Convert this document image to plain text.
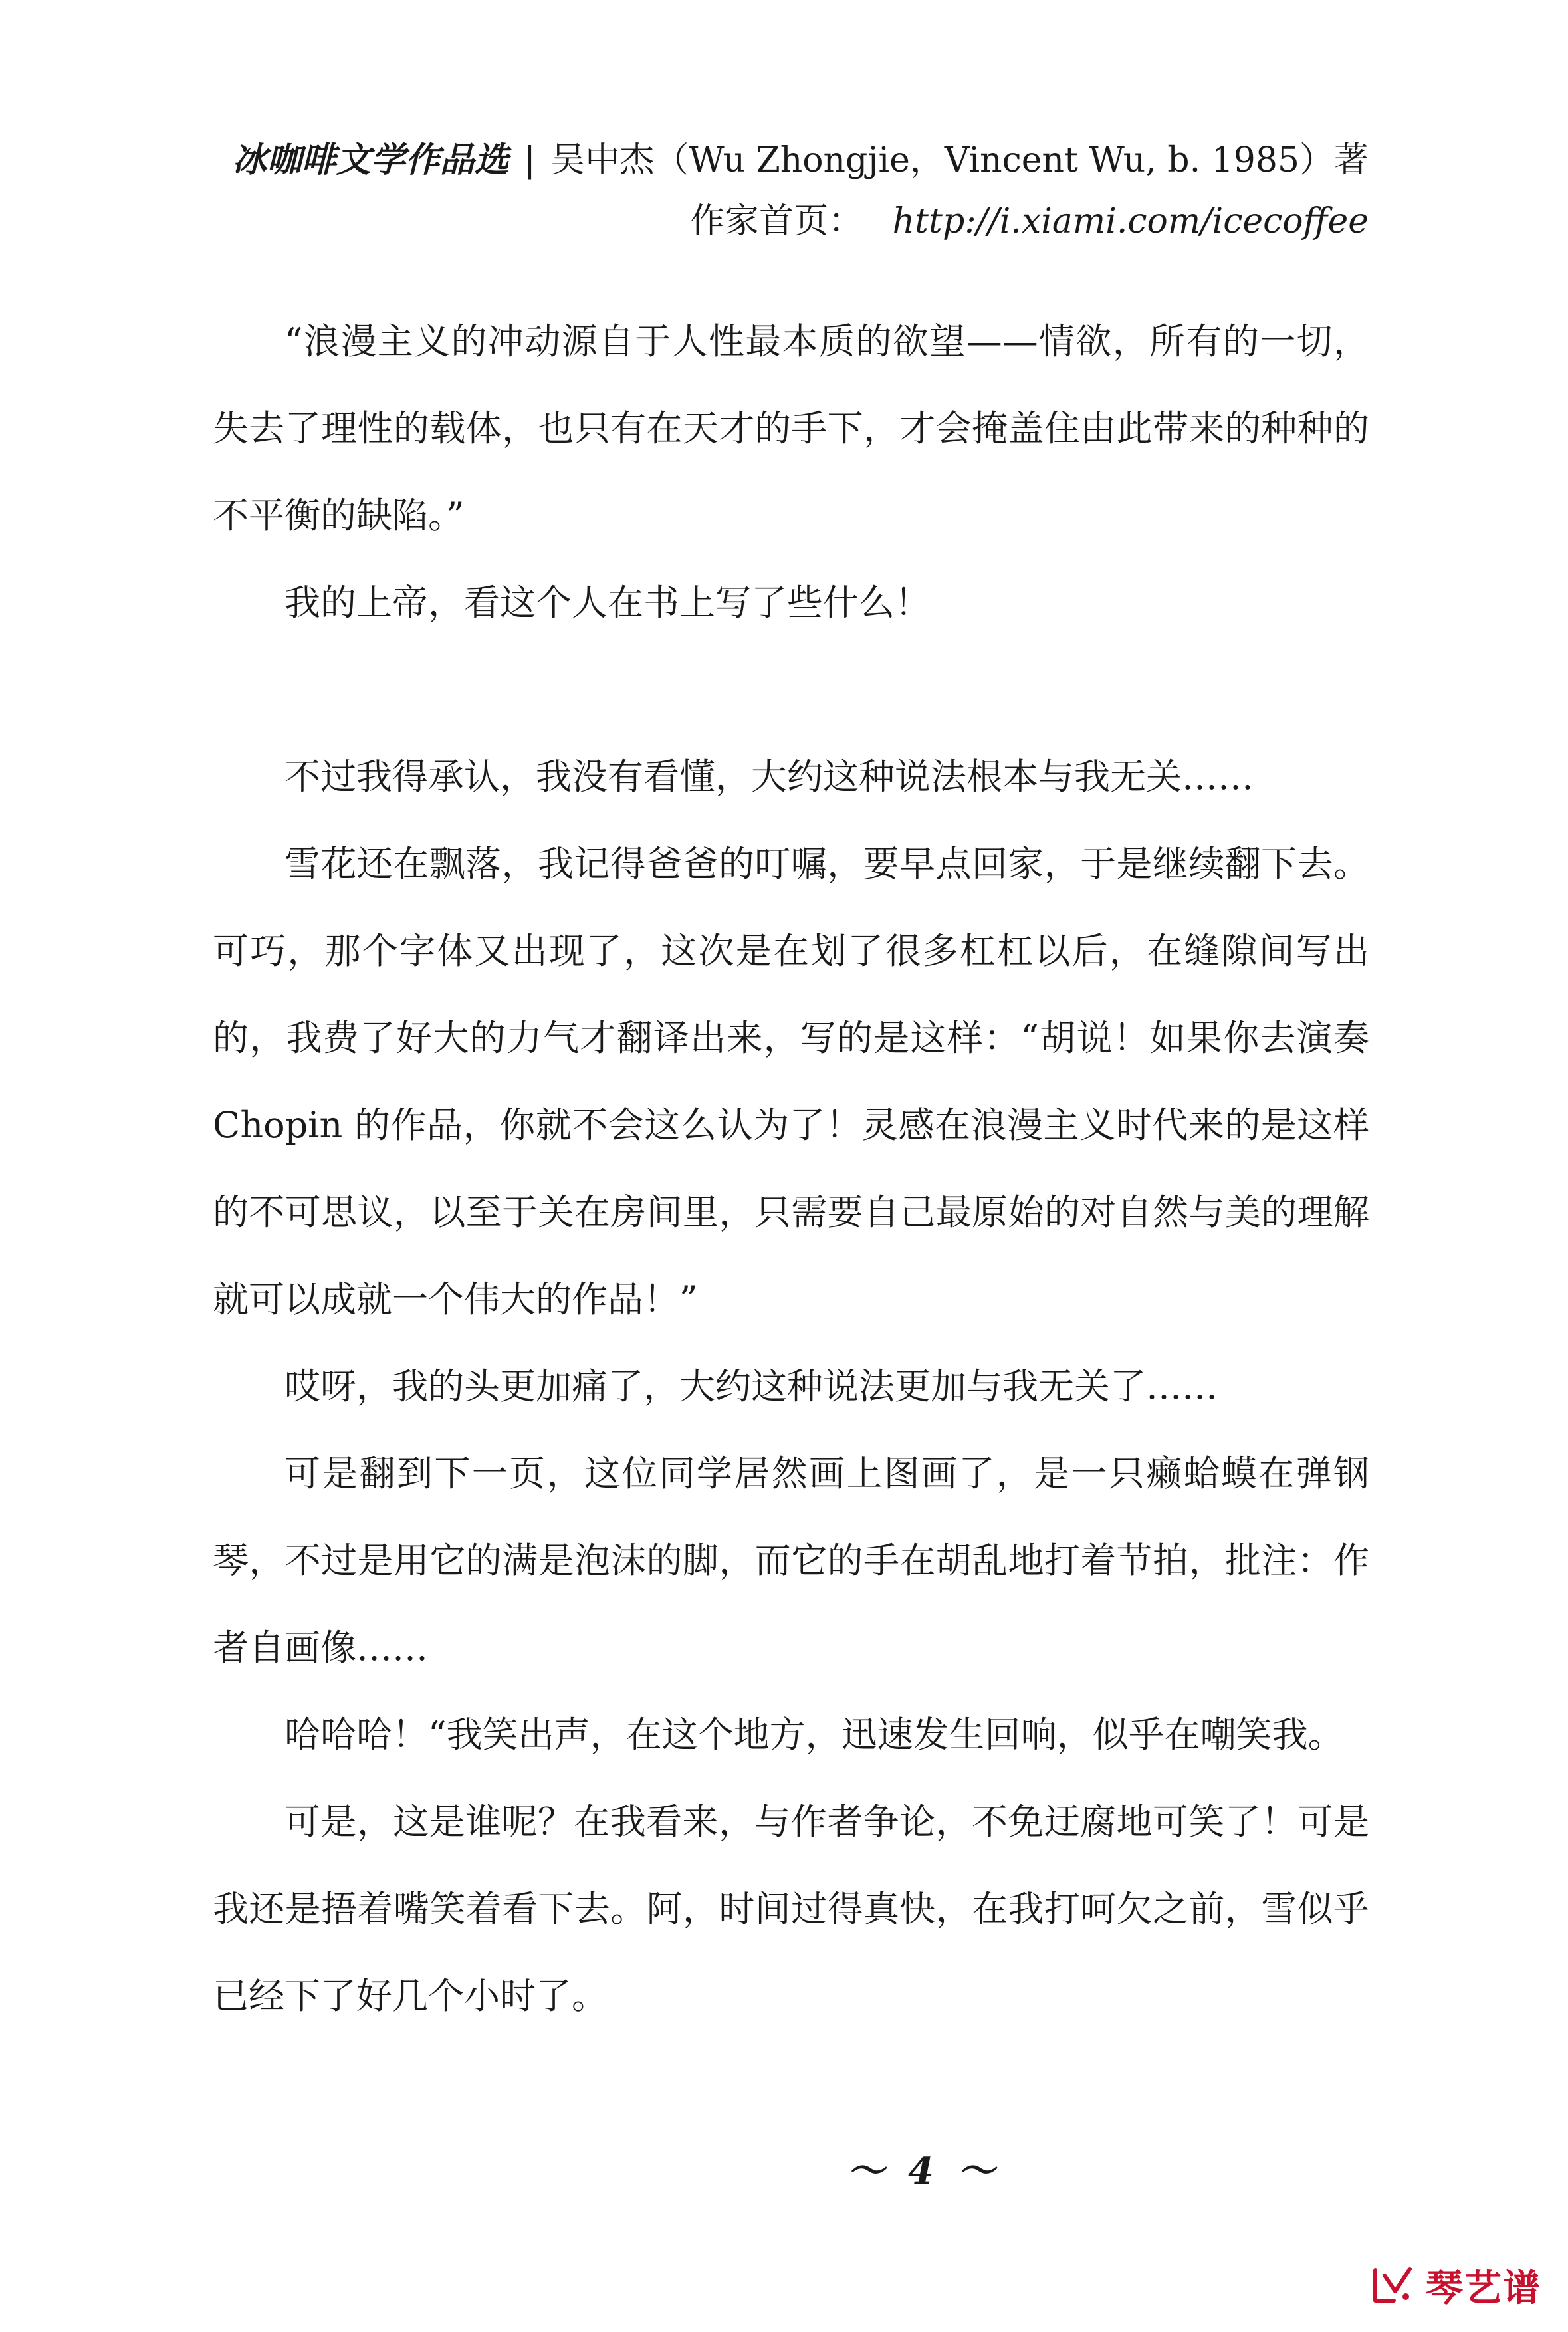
冰咖啡文学作品选 | 吴中杰（Wu Zhongjie，Vincent Wu, b. 1985）著
作家首页： http://i.xiami.com/icecoffee

“浪漫主义的冲动源自于人性最本质的欲望——情欲，所有的一切，失去了理性的载体，也只有在天才的手下，才会掩盖住由此带来的种种的不平衡的缺陷。”

我的上帝，看这个人在书上写了些什么！

不过我得承认，我没有看懂，大约这种说法根本与我无关……

雪花还在飘落，我记得爸爸的叮嘱，要早点回家，于是继续翻下去。可巧，那个字体又出现了，这次是在划了很多杠杠以后，在缝隙间写出的，我费了好大的力气才翻译出来，写的是这样：“胡说！如果你去演奏 Chopin 的作品，你就不会这么认为了！灵感在浪漫主义时代来的是这样的不可思议，以至于关在房间里，只需要自己最原始的对自然与美的理解就可以成就一个伟大的作品！”

哎呀，我的头更加痛了，大约这种说法更加与我无关了……

可是翻到下一页，这位同学居然画上图画了，是一只癞蛤蟆在弹钢琴，不过是用它的满是泡沫的脚，而它的手在胡乱地打着节拍，批注：作者自画像……

哈哈哈！“我笑出声，在这个地方，迅速发生回响，似乎在嘲笑我。

可是，这是谁呢？在我看来，与作者争论，不免迂腐地可笑了！可是我还是捂着嘴笑着看下去。阿，时间过得真快，在我打呵欠之前，雪似乎已经下了好几个小时了。

～ 4 ～
琴艺谱
